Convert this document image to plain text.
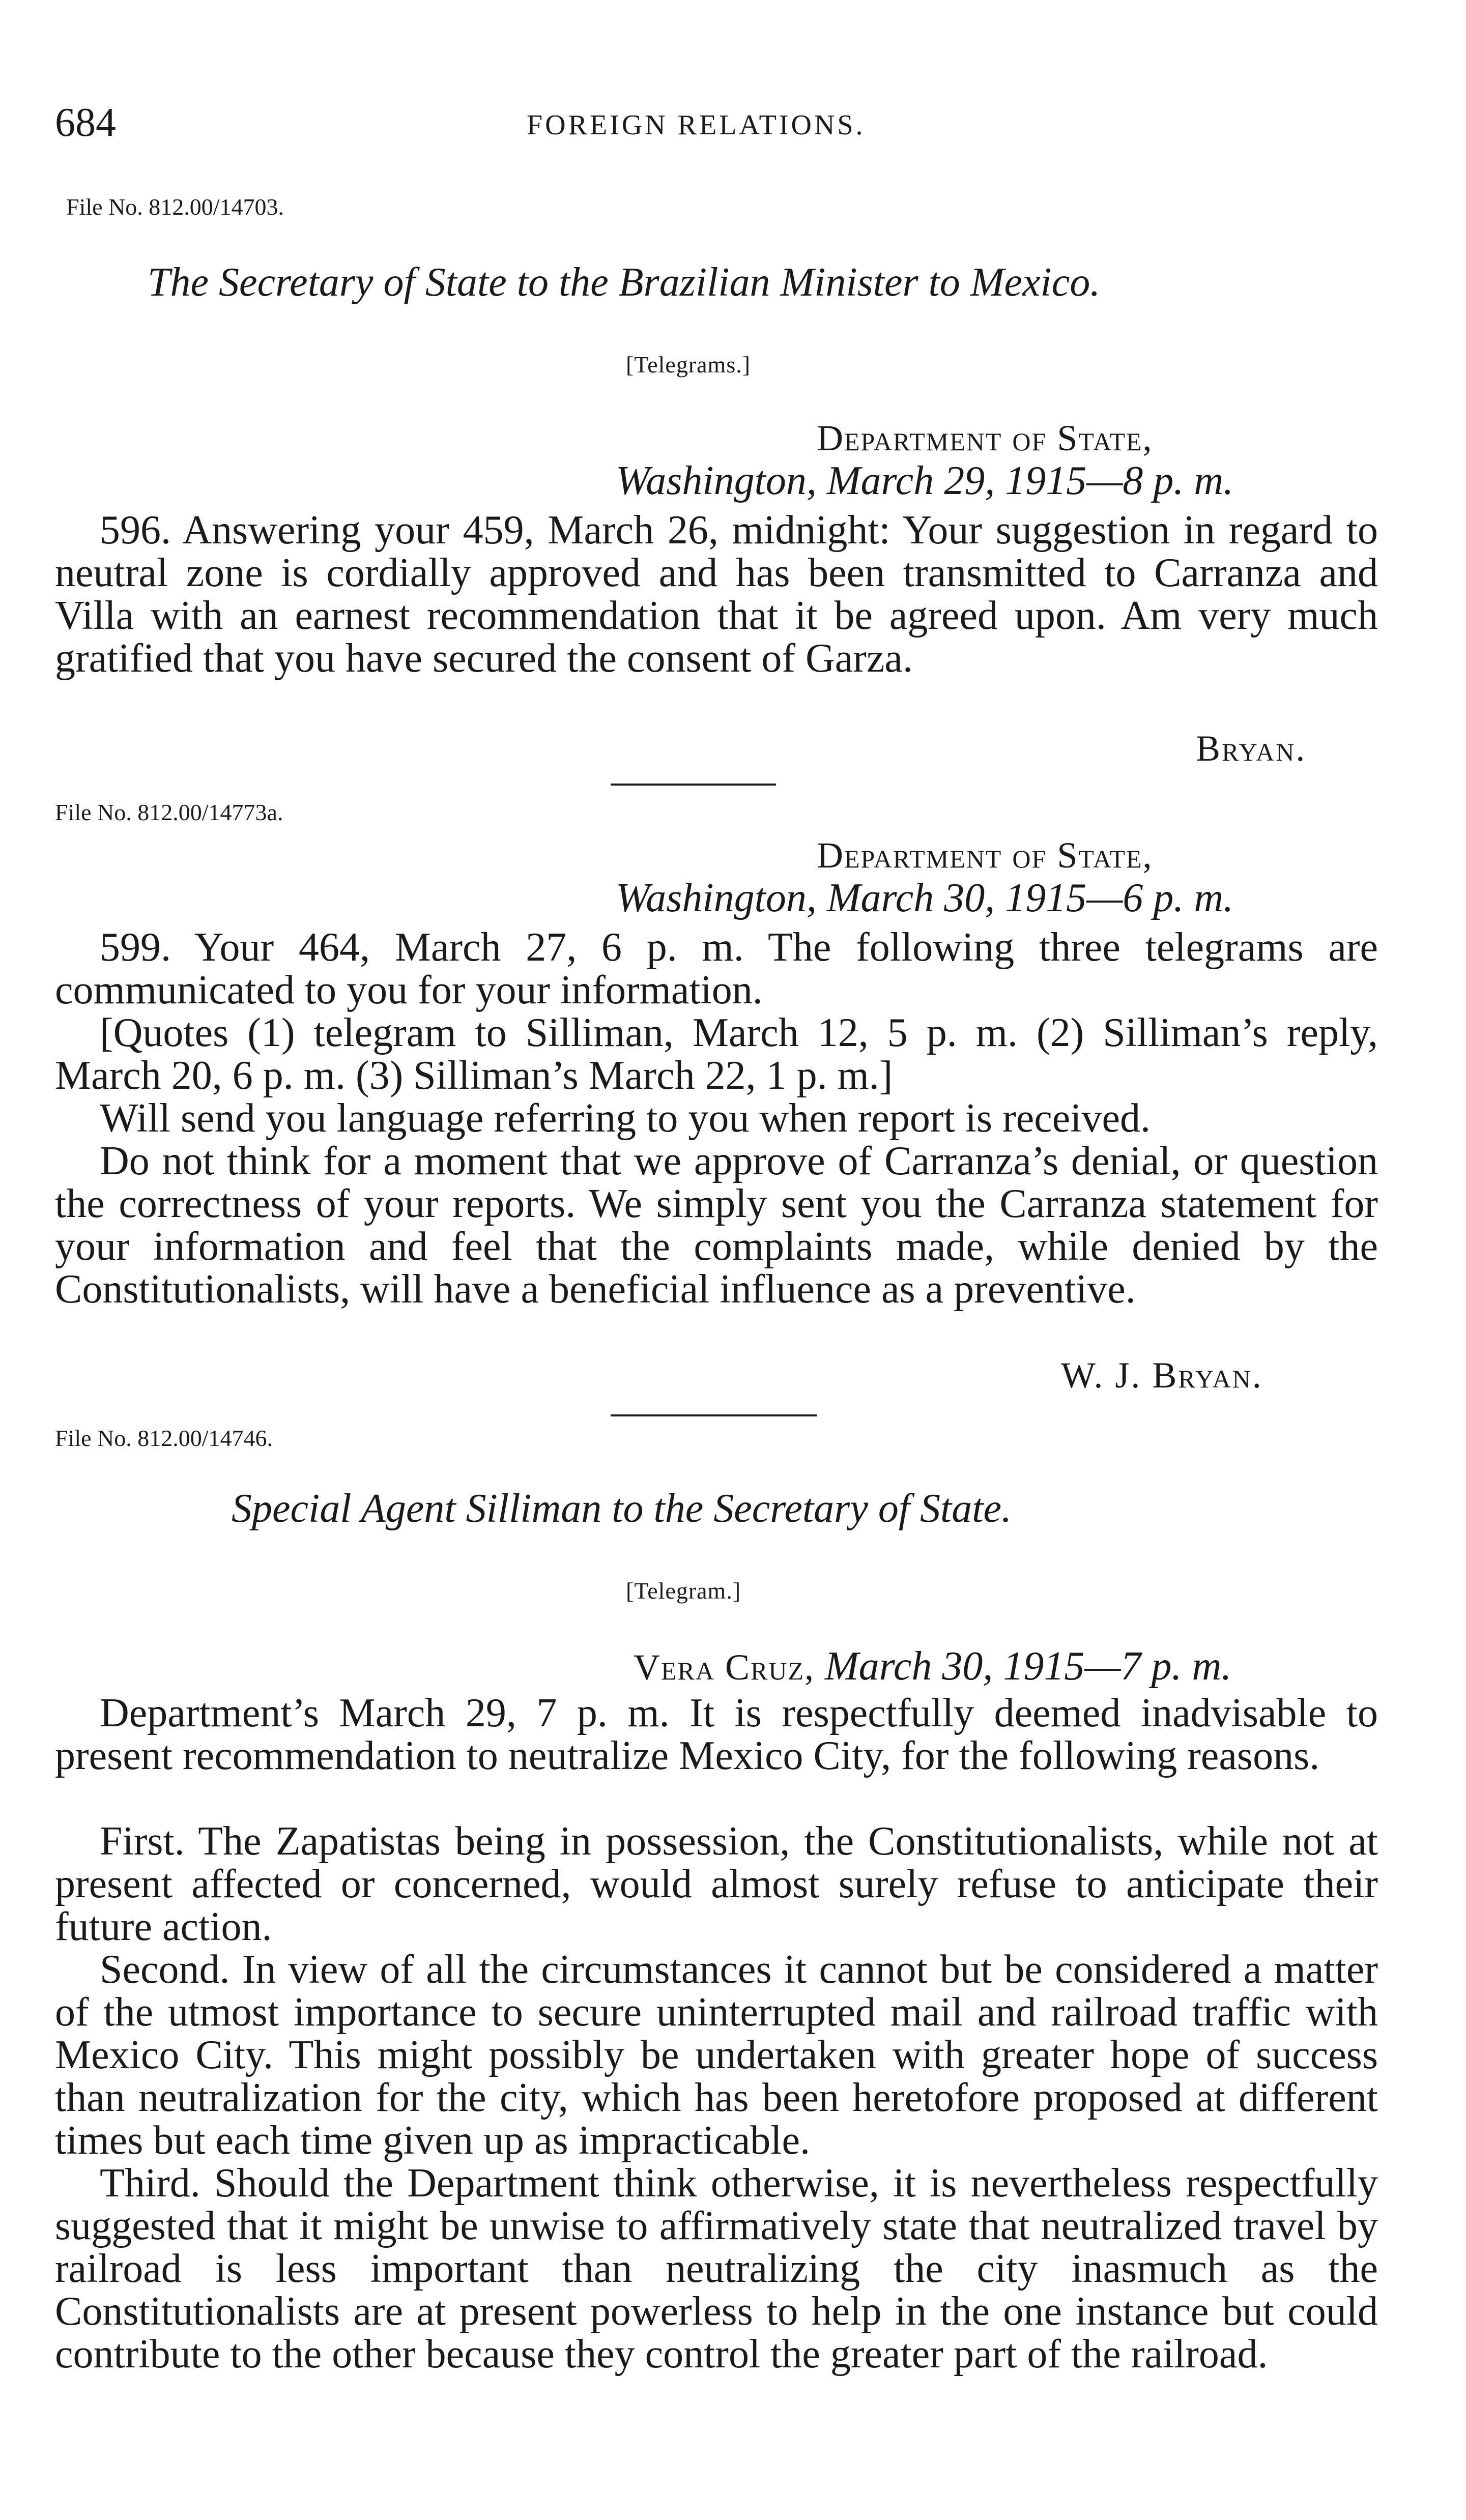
684	FOREIGN RELATIONS.
File No. 812.00/14703.
The Secretary of State to the Brazilian Minister to Mexico.
[Telegrams.]
Department of State,
Washington, March 29, 1915—8 p. m.
596. Answering your 459, March 26, midnight: Your suggestion in regard to neutral zone is cordially approved and has been transmitted to Carranza and Villa with an earnest recommendation that it be agreed upon. Am very much gratified that you have secured the consent of Garza.
Bryan.
File No. 812.00/14773a.
Department of State,
Washington, March 30, 1915—6 p. m.
599. Your 464, March 27, 6 p. m. The following three telegrams are communicated to you for your information.
[Quotes (1) telegram to Silliman, March 12, 5 p. m. (2) Silliman’s reply, March 20, 6 p. m. (3) Silliman’s March 22, 1 p. m.]
Will send you language referring to you when report is received.
Do not think for a moment that we approve of Carranza’s denial, or question the correctness of your reports. We simply sent you the Carranza statement for your information and feel that the complaints made, while denied by the Constitutionalists, will have a beneficial influence as a preventive.
W. J. Bryan.
File No. 812.00/14746.
Special Agent Silliman to the Secretary of State.
[Telegram.]
Vera Cruz, March 30, 1915—7 p. m.
Department’s March 29, 7 p. m. It is respectfully deemed inadvisable to present recommendation to neutralize Mexico City, for the following reasons.
First. The Zapatistas being in possession, the Constitutionalists, while not at present affected or concerned, would almost surely refuse to anticipate their future action.
Second. In view of all the circumstances it cannot but be considered a matter of the utmost importance to secure uninterrupted mail and railroad traffic with Mexico City. This might possibly be undertaken with greater hope of success than neutralization for the city, which has been heretofore proposed at different times but each time given up as impracticable.
Third. Should the Department think otherwise, it is nevertheless respectfully suggested that it might be unwise to affirmatively state that neutralized travel by railroad is less important than neutralizing the city inasmuch as the Constitutionalists are at present powerless to help in the one instance but could contribute to the other because they control the greater part of the railroad.
